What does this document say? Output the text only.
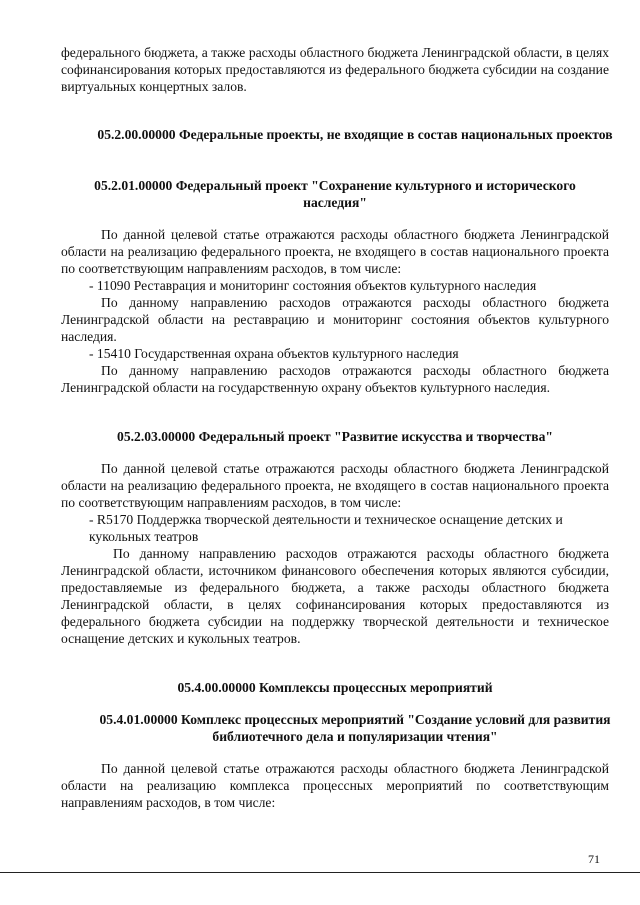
федерального бюджета, а также расходы областного бюджета Ленинградской области, в целях софинансирования которых предоставляются из федерального бюджета субсидии на создание виртуальных концертных залов.

05.2.00.00000 Федеральные проекты, не входящие в состав национальных проектов
05.2.01.00000 Федеральный проект "Сохранение культурного и исторического наследия"

По данной целевой статье отражаются расходы областного бюджета Ленинградской области на реализацию федерального проекта, не входящего в состав национального проекта по соответствующим направлениям расходов, в том числе:

- 11090 Реставрация и мониторинг состояния объектов культурного наследия

По данному направлению расходов отражаются расходы областного бюджета Ленинградской области на реставрацию и мониторинг состояния объектов культурного наследия.

- 15410 Государственная охрана объектов культурного наследия

По данному направлению расходов отражаются расходы областного бюджета Ленинградской области на государственную охрану объектов культурного наследия.

05.2.03.00000 Федеральный проект "Развитие искусства и творчества"

По данной целевой статье отражаются расходы областного бюджета Ленинградской области на реализацию федерального проекта, не входящего в состав национального проекта по соответствующим направлениям расходов, в том числе:

- R5170 Поддержка творческой деятельности и техническое оснащение детских и кукольных театров

По данному направлению расходов отражаются расходы областного бюджета Ленинградской области, источником финансового обеспечения которых являются субсидии, предоставляемые из федерального бюджета, а также расходы областного бюджета Ленинградской области, в целях софинансирования которых предоставляются из федерального бюджета субсидии на поддержку творческой деятельности и техническое оснащение детских и кукольных театров.

05.4.00.00000 Комплексы процессных мероприятий
05.4.01.00000 Комплекс процессных мероприятий "Создание условий для развития библиотечного дела и популяризации чтения"

По данной целевой статье отражаются расходы областного бюджета Ленинградской области на реализацию комплекса процессных мероприятий по соответствующим направлениям расходов, в том числе:

71
